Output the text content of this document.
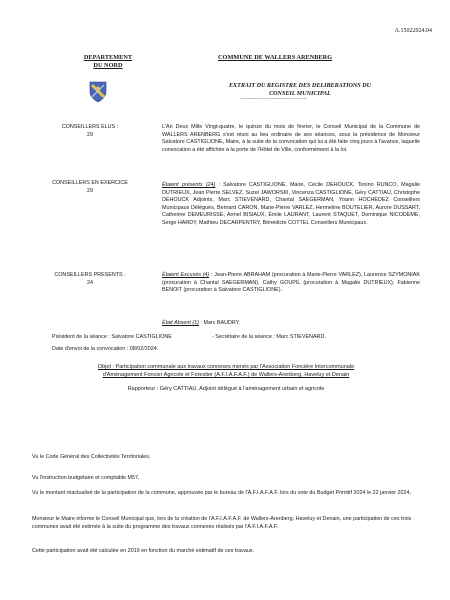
A.15022024.04
DEPARTEMENT
DU NORD
COMMUNE DE WALLERS ARENBERG
EXTRAIT DU REGISTRE DES DELIBERATIONS DU
CONSEIL MUNICIPAL
------------------------------------
CONSEILLERS ELUS :
29
CONSEILLERS EN EXERCICE
29
CONSEILLERS PRESENTS :
24
L'An Deux Mille Vingt-quatre, le quinze du mois de février, le Conseil Municipal de la Commune de WALLERS ARENBERG s'est réuni au lieu ordinaire de ses séances, sous la présidence de Monsieur Salvatore CASTIGLIONE, Maire, à la suite de la convocation qui lui a été faite cinq jours à l'avance, laquelle convocation a été affichée à la porte de l'Hôtel de Ville, conformément à la loi.
Étaient présents (24) : Salvatore CASTIGLIONE, Maire, Cécile DEHOUCK, Tonino RUNCO, Magalie DUTRIEUX, Jean Pierre SELVEZ, Suzel JAWORSKI, Vincenza CASTIGLIONE, Géry CATTIAU, Christophe DEHOUCK Adjoints, Marc STIEVENARD, Chantal SAEGERMAN, Yoann HOCHEDEZ Conseillers Municipaux Délégués, Bernard CARON, Marie-Pierre VARLEZ, Hermeline BOUTELIER, Aurore DUSSART, Catherine DEMEURISSE, Armel BISIAUX, Émile LAURANT, Laurent STAQUET, Dominique NICODEME, Serge HARDY, Mathieu DECARPENTRY, Bénédicte COTTEL Conseillers Municipaux.
Étaient Excusés (4) : Jean-Pierre ABRAHAM (procuration à Marie-Pierre VARLEZ), Laurence SZYMONIAK (procuration à Chantal SAEGERMAN), Cathy GOUPIL (procuration à Magalie DUTRIEUX), Fabienne BENOIT (procuration à Salvatore CASTIGLIONE).
Était Absent (1) : Marc BAUDRY.
Président de la séance : Salvatore CASTIGLIONE	- Secrétaire de la séance : Marc STIEVENARD.
Date d'envoi de la convocation : 08/02/2024.
Objet : Participation communale aux travaux connexes menés par l'Association Foncière Intercommunale
d'Aménagement Foncier Agricole et Forestier (A.F.I.A.F.A.F.) de Wallers-Arenberg, Haveluy et Denain
Rapporteur : Géry CATTIAU, Adjoint délégué à l'aménagement urbain et agricole
Vu le Code Général des Collectivités Territoriales,
Vu l'instruction budgétaire et comptable M57,
Vu le montant réactualisé de la participation de la commune, approuvée par le bureau de l'A.F.I.A.F.A.F. lors du vote du Budget Primitif 2024 le 22 janvier 2024,
Monsieur le Maire informe le Conseil Municipal que, lors de la création de l'A.F.I.A.F.A.F. de Wallers-Arenberg, Haveluy et Denain, une participation de ces trois communes avait été estimée à la suite du programme des travaux connexes réalisés par l'A.F.I.A.F.A.F.
Cette participation avait été calculée en 2019 en fonction du marché estimatif de ces travaux.
